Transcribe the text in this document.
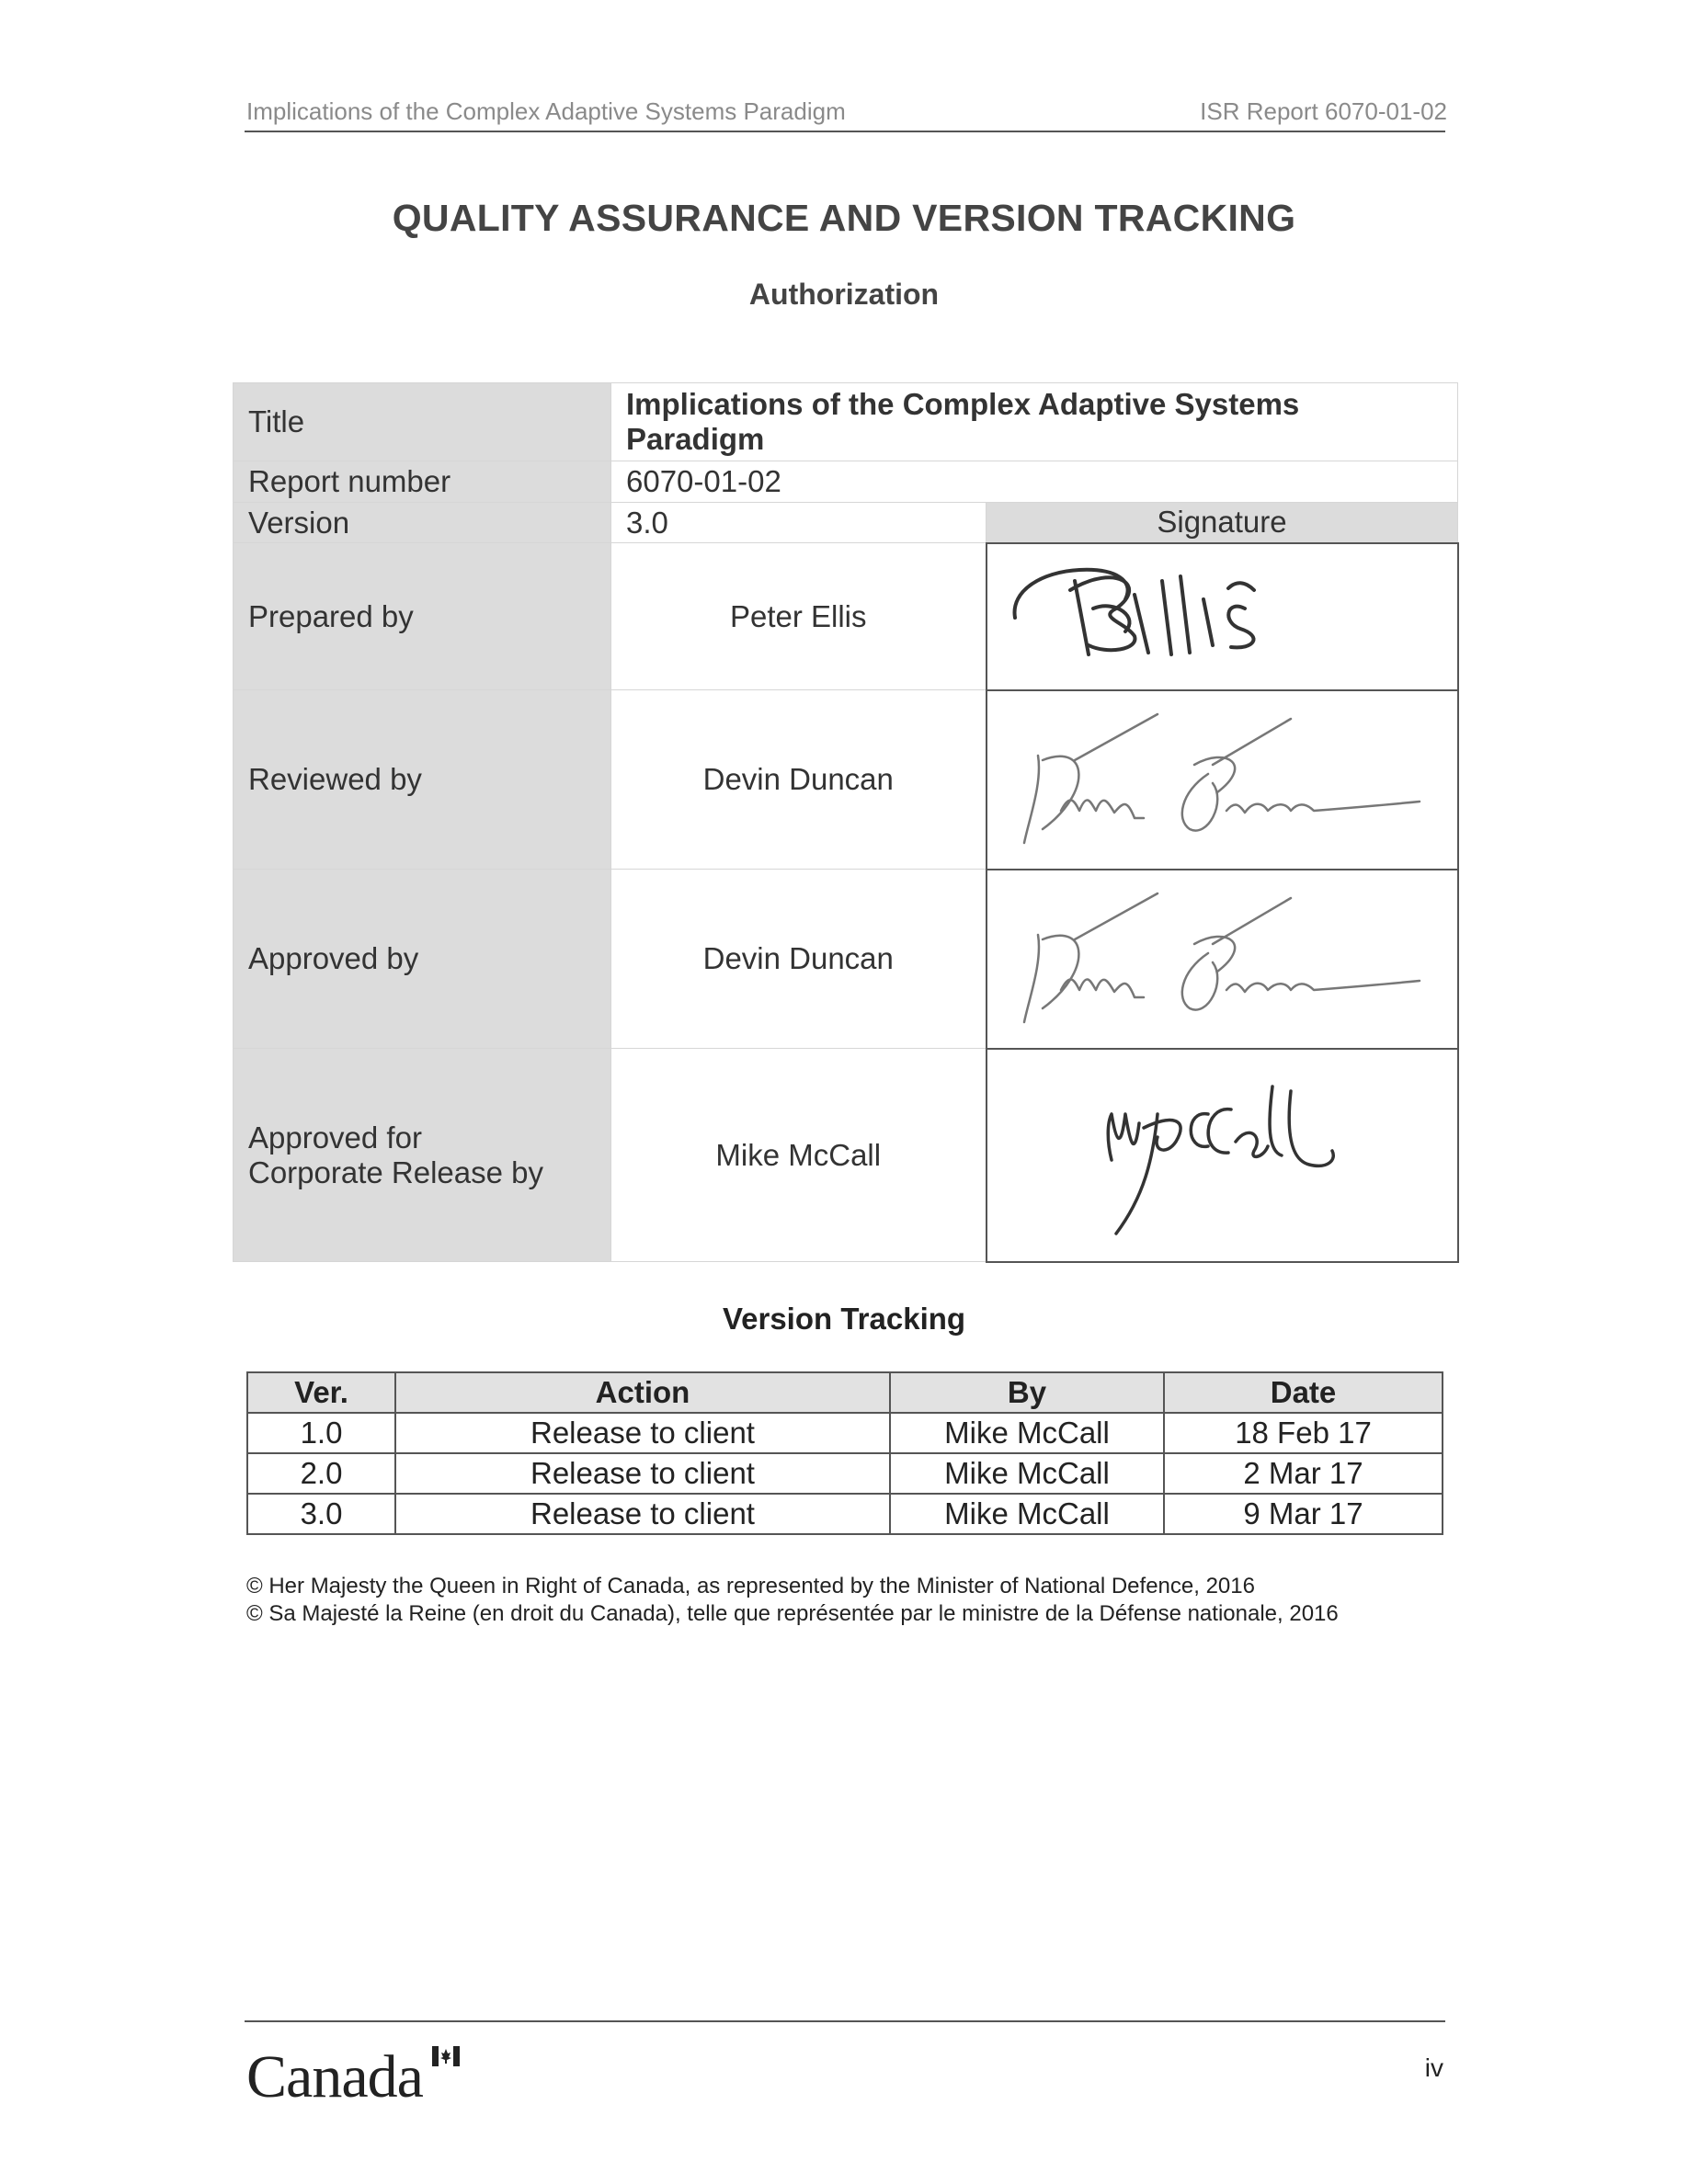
Implications of the Complex Adaptive Systems Paradigm	ISR Report 6070-01-02
QUALITY ASSURANCE AND VERSION TRACKING
Authorization
Title	Implications of the Complex Adaptive Systems Paradigm	
Report number	6070-01-02	
Version	3.0	Signature
Prepared by	Peter Ellis	

Reviewed by	Devin Duncan	

Approved by	Devin Duncan	

Approved for
Corporate Release by	Mike McCall	
Version Tracking
Ver.	Action	By	Date
1.0	Release to client	Mike McCall	18 Feb 17
2.0	Release to client	Mike McCall	2 Mar 17
3.0	Release to client	Mike McCall	9 Mar 17
© Her Majesty the Queen in Right of Canada, as represented by the Minister of National Defence, 2016
© Sa Majesté la Reine (en droit du Canada), telle que représentée par le ministre de la Défense nationale, 2016
Canada	iv
